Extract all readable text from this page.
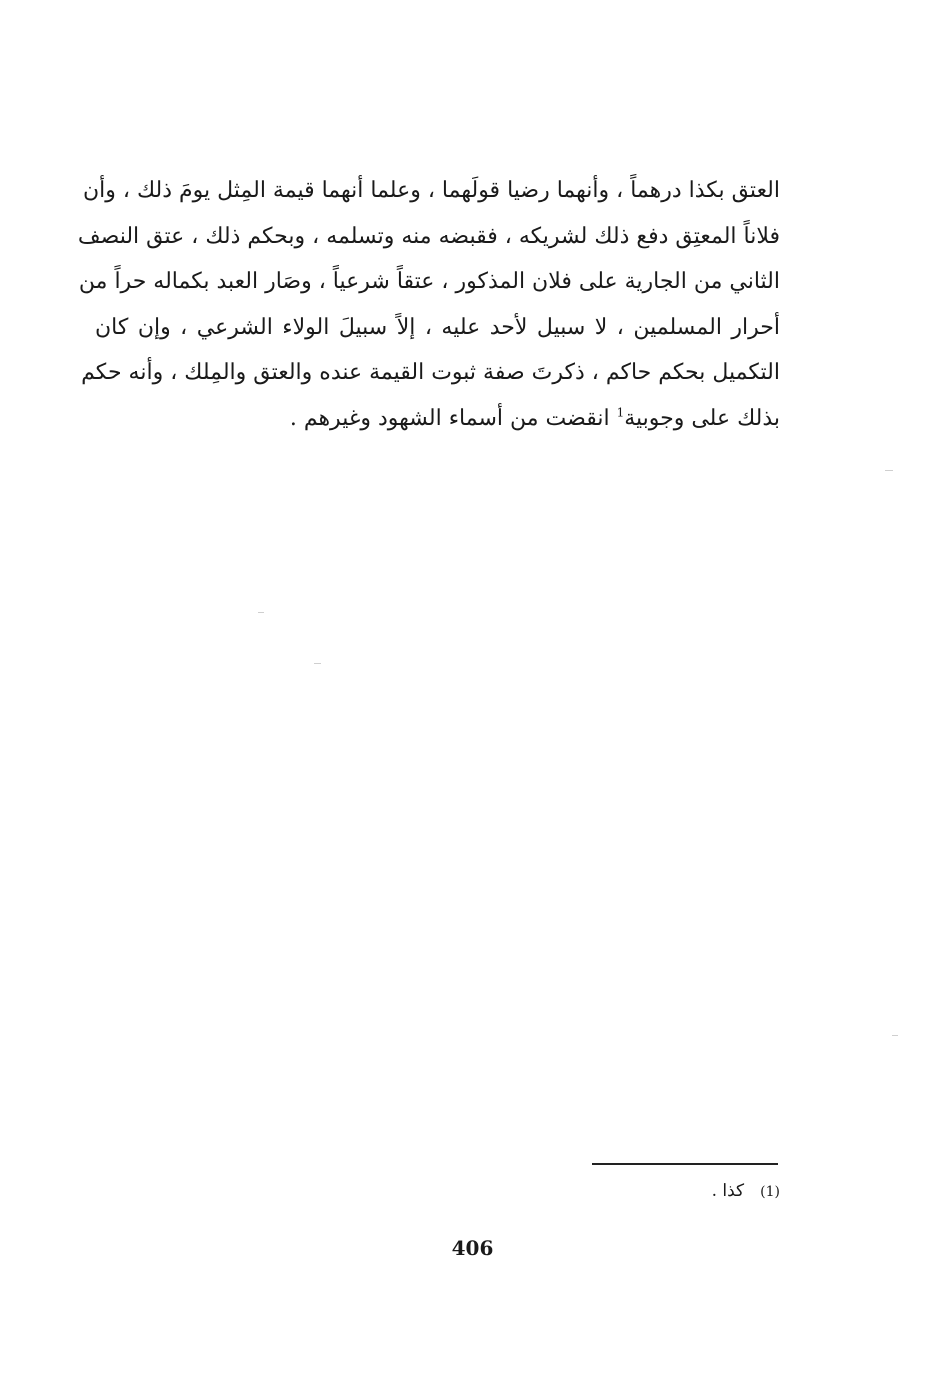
العتق بكذا درهماً ، وأنهما رضيا قولَهما ، وعلما أنهما قيمة المِثل يومَ ذلك ، وأن
فلاناً المعتِق دفع ذلك لشريكه ، فقبضه منه وتسلمه ، وبحكم ذلك ، عتق النصف
الثاني من الجارية على فلان المذكور ، عتقاً شرعياً ، وصَار العبد بكماله حراً من
أحرار المسلمين ، لا سبيل لأحد عليه ، إلاً سبيلَ الولاء الشرعي ، وإن كان
التكميل بحكم حاكم ، ذكرتَ صفة ثبوت القيمة عنده والعتق والمِلك ، وأنه حكم
بذلك على وجوبية$^1$ انقضت من أسماء الشهود وغيرهم .
(1)كذا .
406
